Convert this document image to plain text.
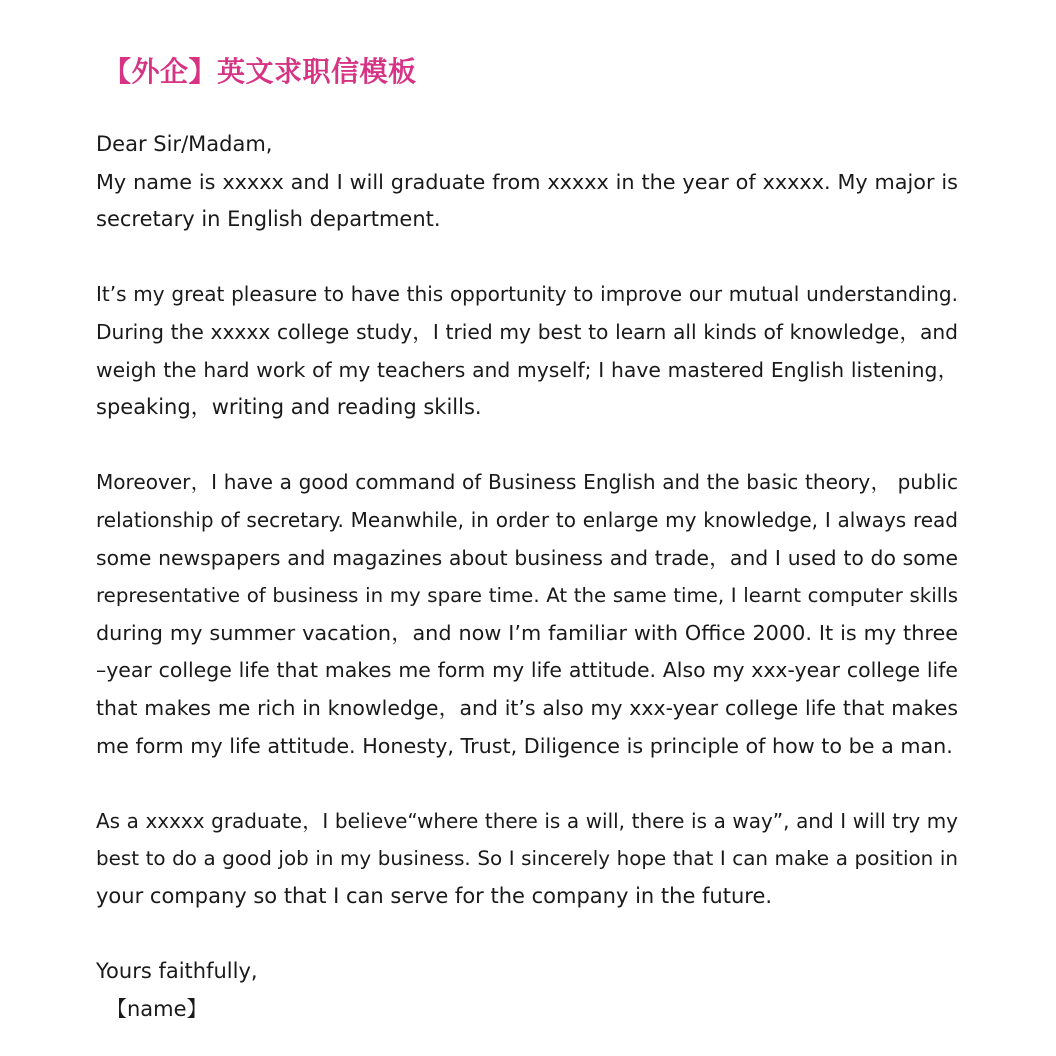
【外企】英文求职信模板
Dear Sir/Madam,
My name is xxxxx and I will graduate from xxxxx in the year of xxxxx. My major is
secretary in English department.
It’s my great pleasure to have this opportunity to improve our mutual understanding.
During the xxxxx college study，I tried my best to learn all kinds of knowledge，and
weigh the hard work of my teachers and myself; I have mastered English listening，
speaking，writing and reading skills.
Moreover，I have a good command of Business English and the basic theory， public
relationship of secretary. Meanwhile, in order to enlarge my knowledge, I always read
some newspapers and magazines about business and trade，and I used to do some
representative of business in my spare time. At the same time, I learnt computer skills
during my summer vacation，and now I’m familiar with Office 2000. It is my three
–year college life that makes me form my life attitude. Also my xxx-year college life
that makes me rich in knowledge，and it’s also my xxx-year college life that makes
me form my life attitude. Honesty, Trust, Diligence is principle of how to be a man.
As a xxxxx graduate，I believe“where there is a will, there is a way”, and I will try my
best to do a good job in my business. So I sincerely hope that I can make a position in
your company so that I can serve for the company in the future.
Yours faithfully,
【name】
